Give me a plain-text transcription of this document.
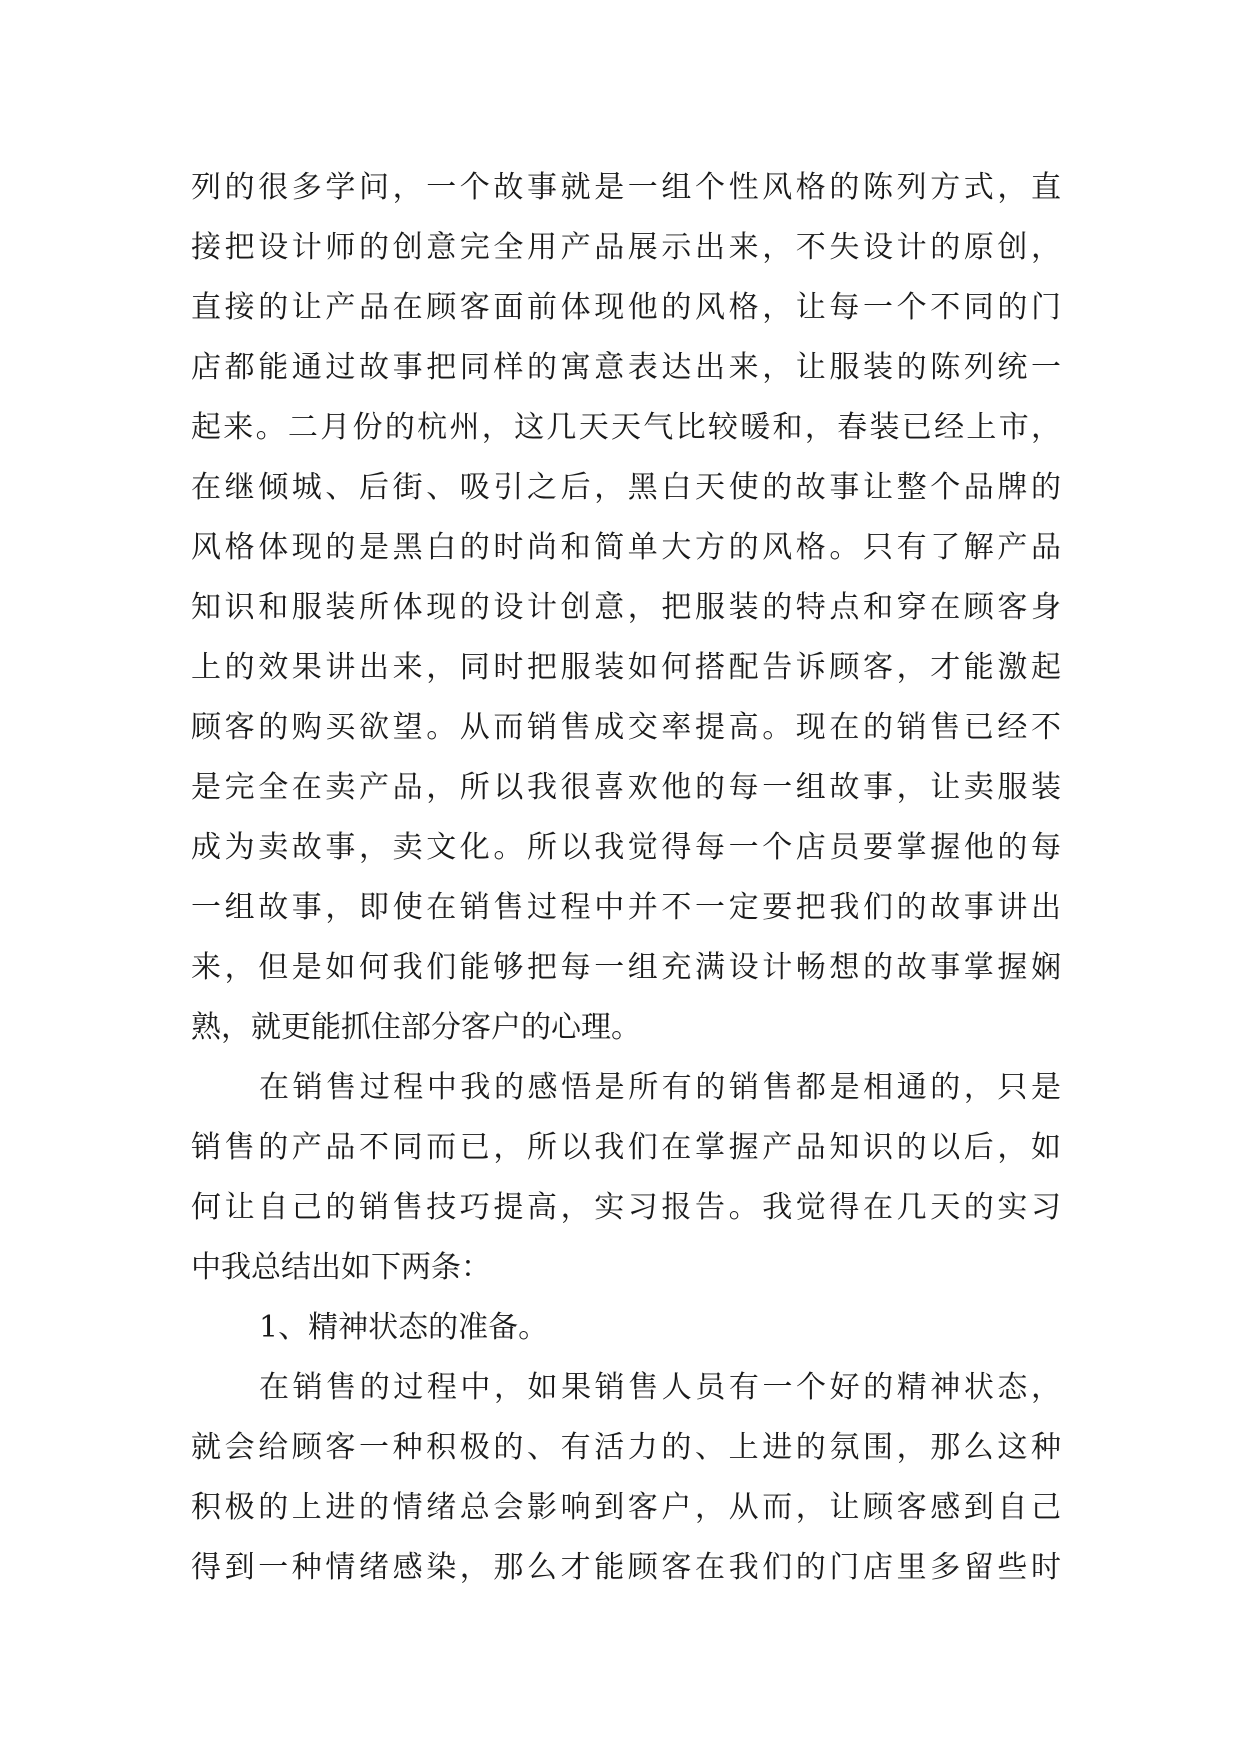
列的很多学问，一个故事就是一组个性风格的陈列方式，直
接把设计师的创意完全用产品展示出来，不失设计的原创，
直接的让产品在顾客面前体现他的风格，让每一个不同的门
店都能通过故事把同样的寓意表达出来，让服装的陈列统一
起来。二月份的杭州，这几天天气比较暖和，春装已经上市，
在继倾城、后街、吸引之后，黑白天使的故事让整个品牌的
风格体现的是黑白的时尚和简单大方的风格。只有了解产品
知识和服装所体现的设计创意，把服装的特点和穿在顾客身
上的效果讲出来，同时把服装如何搭配告诉顾客，才能激起
顾客的购买欲望。从而销售成交率提高。现在的销售已经不
是完全在卖产品，所以我很喜欢他的每一组故事，让卖服装
成为卖故事，卖文化。所以我觉得每一个店员要掌握他的每
一组故事，即使在销售过程中并不一定要把我们的故事讲出
来，但是如何我们能够把每一组充满设计畅想的故事掌握娴
熟，就更能抓住部分客户的心理。
在销售过程中我的感悟是所有的销售都是相通的，只是
销售的产品不同而已，所以我们在掌握产品知识的以后，如
何让自己的销售技巧提高，实习报告。我觉得在几天的实习
中我总结出如下两条：
1、精神状态的准备。
在销售的过程中，如果销售人员有一个好的精神状态，
就会给顾客一种积极的、有活力的、上进的氛围，那么这种
积极的上进的情绪总会影响到客户，从而，让顾客感到自己
得到一种情绪感染，那么才能顾客在我们的门店里多留些时
